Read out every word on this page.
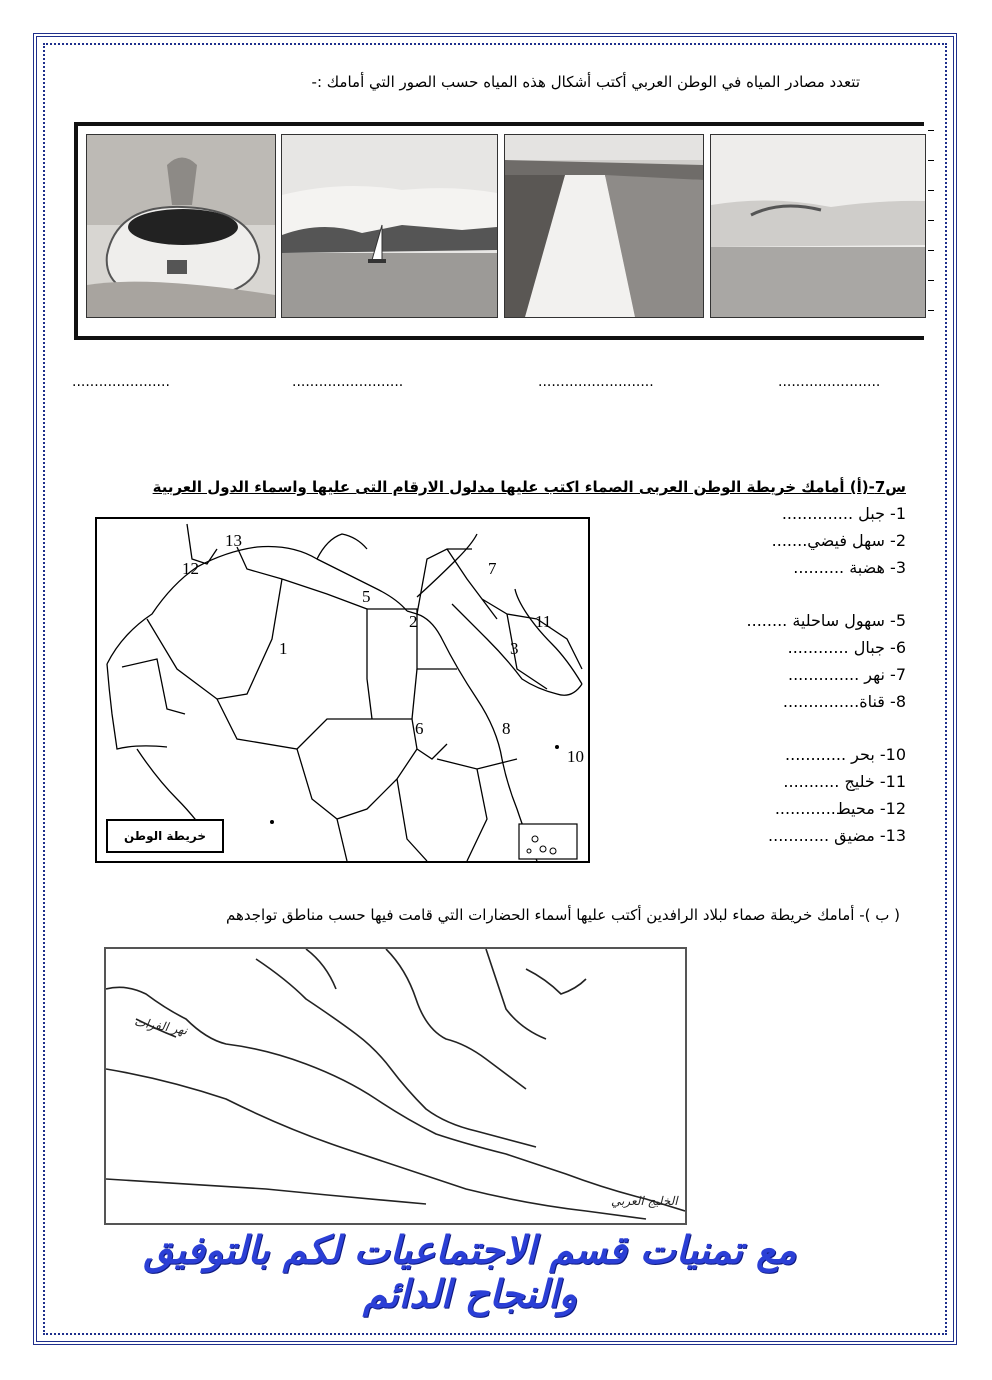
تتعدد مصادر المياه في الوطن العربي أكتب أشكال هذه المياه حسب الصور التي أمامك :-
......................	.........................	..........................	.......................
س7-(أ) أمامك خريطة الوطن العربى الصماء اكتب عليها مدلول الارقام التى عليها واسماء الدول العربية
13
12	7
5
2	11
1	3
8
6
10
خريطة الوطن
1- جبل ..............
2- سهل فيضي.......
3- هضبة ..........
5- سهول ساحلية ........
6- جبال ............
7- نهر ..............
8- قناة...............
10- بحر ............
11- خليج ...........
12- محيط............
13- مضيق ............
( ب )- أمامك خريطة صماء لبلاد الرافدين أكتب عليها أسماء الحضارات التي قامت فيها حسب مناطق تواجدهم
نهر الفرات
الخليج العربي
مع تمنيات قسم الاجتماعيات لكم بالتوفيق والنجاح الدائم
